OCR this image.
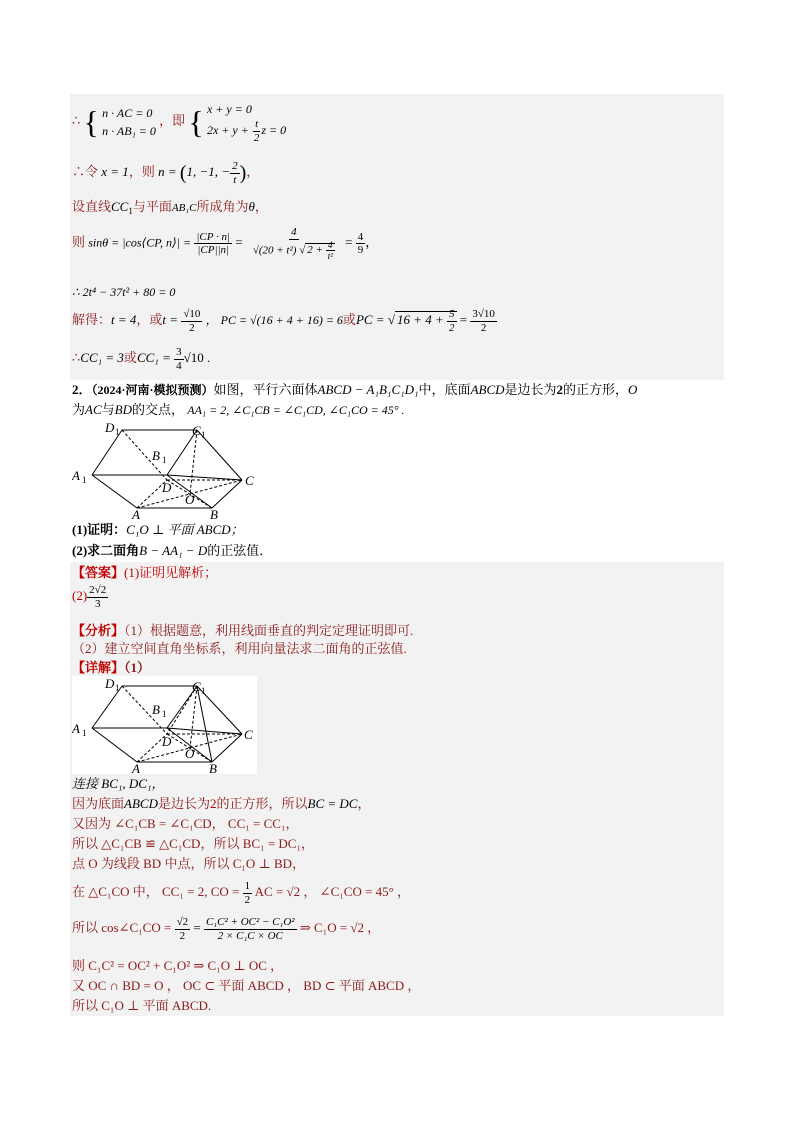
∴ { n · AC = 0
n · AB₁ = 0
，即 { x + y = 0
$2x + y + \frac{t}{2}$ z = 0
∴令 x = 1，则 n = (1, −1, − $\frac{2}{t}$ )，
设直线$CC_1$与平面AB₁C所成角为θ，
则 sinθ = |cos⟨CP, n⟩| = $\frac{|CP \cdot n|}{|CP||n|} = \frac{4}{√(20 + t^2) √ 2 + \frac{4}{\text{t²}}} = \frac{4}{9}$ ，
∴ 2t⁴ − 37t² + 80 = 0
解得：t = 4，或$t = \frac{√10}{2}$ ， PC = √(16 + 4 + 16) = 6或PC = √ $16 + 4 + \frac{5}{2} = \frac{3√10}{2}$
∴CC₁ = 3或$CC_1 = \frac{3}{4} √10$ .
2．（2024·河南·模拟预测）如图，平行六面体ABCD − A₁B₁C₁D₁中，底面ABCD是边长为2的正方形，O
为AC与BD的交点， AA₁ = 2, ∠C₁CB = ∠C₁CD, ∠C₁CO = 45° .
D 1	C 1
A 1
B 1
D
O
C
A	B
(1)证明：C₁O ⊥ 平面 ABCD；
(2)求二面角B − AA₁ − D的正弦值．
【答案】(1)证明见解析；
$(2) \frac{2√2}{3}$
【分析】（1）根据题意，利用线面垂直的判定定理证明即可.
（2）建立空间直角坐标系，利用向量法求二面角的正弦值.
【详解】（1）
D 1	C 1
A 1
B 1
D
O
C
A	B
连接 BC₁, DC₁，
因为底面ABCD是边长为2的正方形，所以BC = DC，
又因为 ∠C₁CB = ∠C₁CD， CC₁ = CC₁，
所以 △C₁CB ≌ △C₁CD，所以 BC₁ = DC₁，
点 O 为线段 BD 中点，所以 C₁O ⊥ BD，
在 △C₁CO 中， CC₁ = 2, CO = $\frac{1}{2}$ AC = √2 ， ∠C₁CO = 45° ，
所以 cos∠C₁CO = $\frac{√2}{2} = \frac{\text{C₁C² + OC² − C₁O²}}{\text{2 × C₁C × OC}}$ ⇒ C₁O = √2 ，
则 C₁C² = OC² + C₁O² ⇒ C₁O ⊥ OC ，
又 OC ∩ BD = O ， OC ⊂ 平面 ABCD ， BD ⊂ 平面 ABCD ，
所以 C₁O ⊥ 平面 ABCD.
